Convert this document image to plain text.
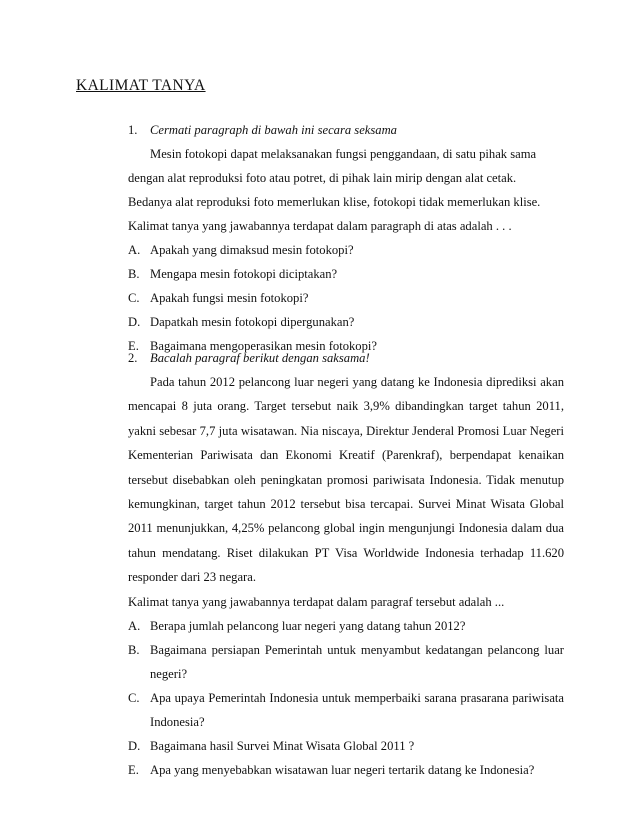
KALIMAT TANYA
1. Cermati paragraph di bawah ini secara seksama
Mesin fotokopi dapat melaksanakan fungsi penggandaan, di satu pihak sama
dengan alat reproduksi foto atau potret, di pihak lain mirip dengan alat cetak.
Bedanya alat reproduksi foto memerlukan klise, fotokopi tidak memerlukan klise.
Kalimat tanya yang jawabannya terdapat dalam paragraph di atas adalah . . .
A. Apakah yang dimaksud mesin fotokopi?
B. Mengapa mesin fotokopi diciptakan?
C. Apakah fungsi mesin fotokopi?
D. Dapatkah mesin fotokopi dipergunakan?
E. Bagaimana mengoperasikan mesin fotokopi?
2. Bacalah paragraf berikut dengan saksama!
Pada tahun 2012 pelancong luar negeri yang datang ke Indonesia diprediksi akan mencapai 8 juta orang. Target tersebut naik 3,9% dibandingkan target tahun 2011, yakni sebesar 7,7 juta wisatawan. Nia niscaya, Direktur Jenderal Promosi Luar Negeri Kementerian Pariwisata dan Ekonomi Kreatif (Parenkraf), berpendapat kenaikan tersebut disebabkan oleh peningkatan promosi pariwisata Indonesia. Tidak menutup kemungkinan, target tahun 2012 tersebut bisa tercapai. Survei Minat Wisata Global 2011 menunjukkan, 4,25% pelancong global ingin mengunjungi Indonesia dalam dua tahun mendatang. Riset dilakukan PT Visa Worldwide Indonesia terhadap 11.620 responder dari 23 negara.
Kalimat tanya yang jawabannya terdapat dalam paragraf tersebut adalah ...
A. Berapa jumlah pelancong luar negeri yang datang tahun 2012?
B. Bagaimana persiapan Pemerintah untuk menyambut kedatangan pelancong luar negeri?
C. Apa upaya Pemerintah Indonesia untuk memperbaiki sarana prasarana pariwisata Indonesia?
D. Bagaimana hasil Survei Minat Wisata Global 2011 ?
E. Apa yang menyebabkan wisatawan luar negeri tertarik datang ke Indonesia?
